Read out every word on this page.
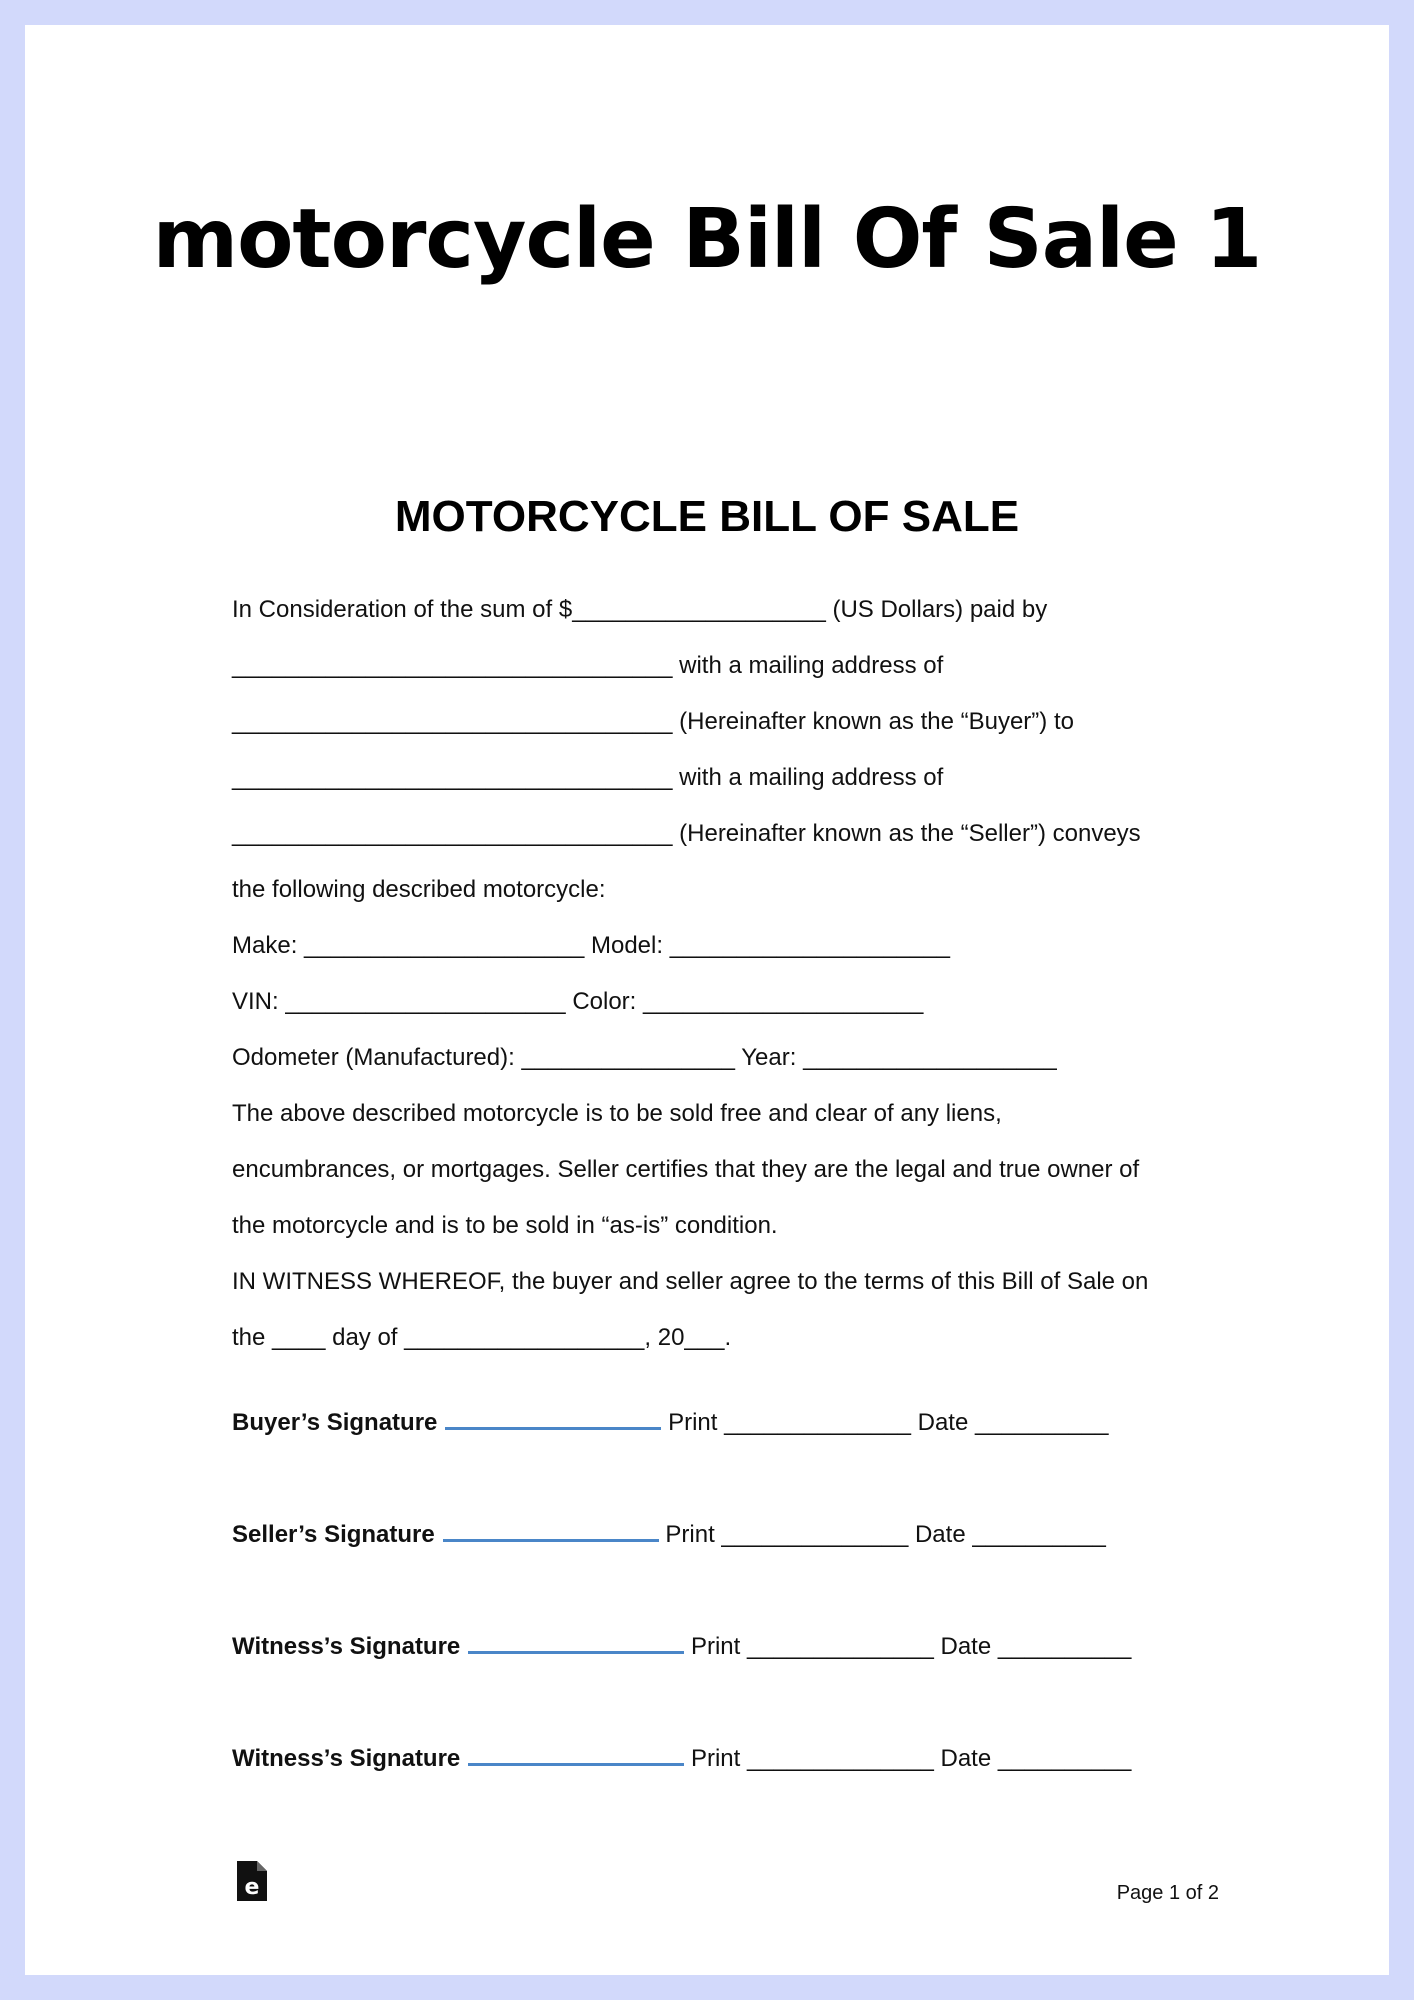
motorcycle Bill Of Sale 1
MOTORCYCLE BILL OF SALE
In Consideration of the sum of $___________________ (US Dollars) paid by
_________________________________ with a mailing address of
_________________________________ (Hereinafter known as the “Buyer”) to
_________________________________ with a mailing address of
_________________________________ (Hereinafter known as the “Seller”) conveys
the following described motorcycle:
Make: _____________________ Model: _____________________
VIN: _____________________ Color: _____________________
Odometer (Manufactured): ________________ Year: ___________________
The above described motorcycle is to be sold free and clear of any liens,
encumbrances, or mortgages. Seller certifies that they are the legal and true owner of
the motorcycle and is to be sold in “as-is” condition.
IN WITNESS WHEREOF, the buyer and seller agree to the terms of this Bill of Sale on
the ____ day of __________________, 20___.
Buyer’s Signature	Print ______________ Date __________
Seller’s Signature	Print ______________ Date __________
Witness’s Signature	Print ______________ Date __________
Witness’s Signature	Print ______________ Date __________
e	Page 1 of 2
